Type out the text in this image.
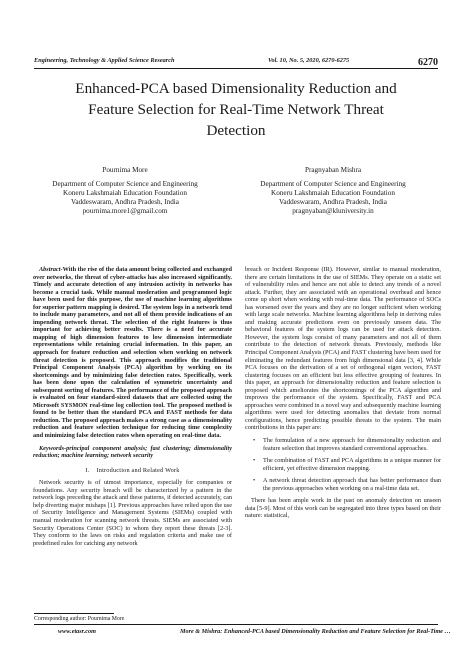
Engineering, Technology & Applied Science Research	Vol. 10, No. 5, 2020, 6270-6275	6270
Enhanced-PCA based Dimensionality Reduction and
Feature Selection for Real-Time Network Threat
Detection
Pournima More
Department of Computer Science and Engineering
Koneru Lakshmaiah Education Foundation
Vaddeswaram, Andhra Pradesh, India
pournima.more1@gmail.com
Pragnyaban Mishra
Department of Computer Science and Engineering
Koneru Lakshmaiah Education Foundation
Vaddeswaram, Andhra Pradesh, India
pragnyaban@kluniversity.in

Abstract-With the rise of the data amount being collected and exchanged over networks, the threat of cyber-attacks has also increased significantly. Timely and accurate detection of any intrusion activity in networks has become a crucial task. While manual moderation and programmed logic have been used for this purpose, the use of machine learning algorithms for superior pattern mapping is desired. The system logs in a network tend to include many parameters, and not all of them provide indications of an impending network threat. The selection of the right features is thus important for achieving better results. There is a need for accurate mapping of high dimension features to low dimension intermediate representations while retaining crucial information. In this paper, an approach for feature reduction and selection when working on network threat detection is proposed. This approach modifies the traditional Principal Component Analysis (PCA) algorithm by working on its shortcomings and by minimizing false detection rates. Specifically, work has been done upon the calculation of symmetric uncertainty and subsequent sorting of features. The performance of the proposed approach is evaluated on four standard-sized datasets that are collected using the Microsoft SYSMON real-time log collection tool. The proposed method is found to be better than the standard PCA and FAST methods for data reduction. The proposed approach makes a strong case as a dimensionality reduction and feature selection technique for reducing time complexity and minimizing false detection rates when operating on real-time data.

Keywords-principal component analysis; fast clustering; dimensionality reduction; machine learning; network security

I.    Introduction and Related Work

Network security is of utmost importance, especially for companies or foundations. Any security breach will be characterized by a pattern in the network logs preceding the attack and these patterns, if detected accurately, can help diverting major mishaps [1]. Previous approaches have relied upon the use of Security Intelligence and Management Systems (SIEMs) coupled with manual moderation for scanning network threats. SIEMs are associated with Security Operations Center (SOC) to whom they report these threats [2-3]. They conform to the laws on risks and regulation criteria and make use of predefined rules for catching any network

breach or Incident Response (IR). However, similar to manual moderation, there are certain limitations in the use of SIEMs. They operate on a static set of vulnerability rules and hence are not able to detect any trends of a novel attack. Further, they are associated with an operational overhead and hence come up short when working with real-time data. The performance of SOCs has worsened over the years and they are no longer sufficient when working with large scale networks. Machine learning algorithms help in deriving rules and making accurate predictions even on previously unseen data. The behavioral features of the system logs can be used for attack detection. However, the system logs consist of many parameters and not all of them contribute to the detection of network threats. Previously, methods like Principal Component Analysis (PCA) and FAST clustering have been used for eliminating the redundant features from high dimensional data [3, 4]. While PCA focuses on the derivation of a set of orthogonal eigen vectors, FAST clustering focuses on an efficient but less effective grouping of features. In this paper, an approach for dimensionality reduction and feature selection is proposed which ameliorates the shortcomings of the PCA algorithm and improves the performance of the system. Specifically, FAST and PCA approaches were combined in a novel way and subsequently machine learning algorithms were used for detecting anomalies that deviate from normal configurations, hence predicting possible threats to the system. The main contributions in this paper are:

• The formulation of a new approach for dimensionality reduction and feature selection that improves standard conventional approaches.
• The combination of FAST and PCA algorithms in a unique manner for efficient, yet effective dimension mapping.
• A network threat detection approach that has better performance than the previous approaches when working on a real-time data set.

There has been ample work in the past on anomaly detection on unseen data [5-9]. Most of this work can be segregated into three types based on their nature: statistical,

Corresponding author: Pournima More
www.etasr.com	More & Mishra: Enhanced-PCA based Dimensionality Reduction and Feature Selection for Real-Time …
